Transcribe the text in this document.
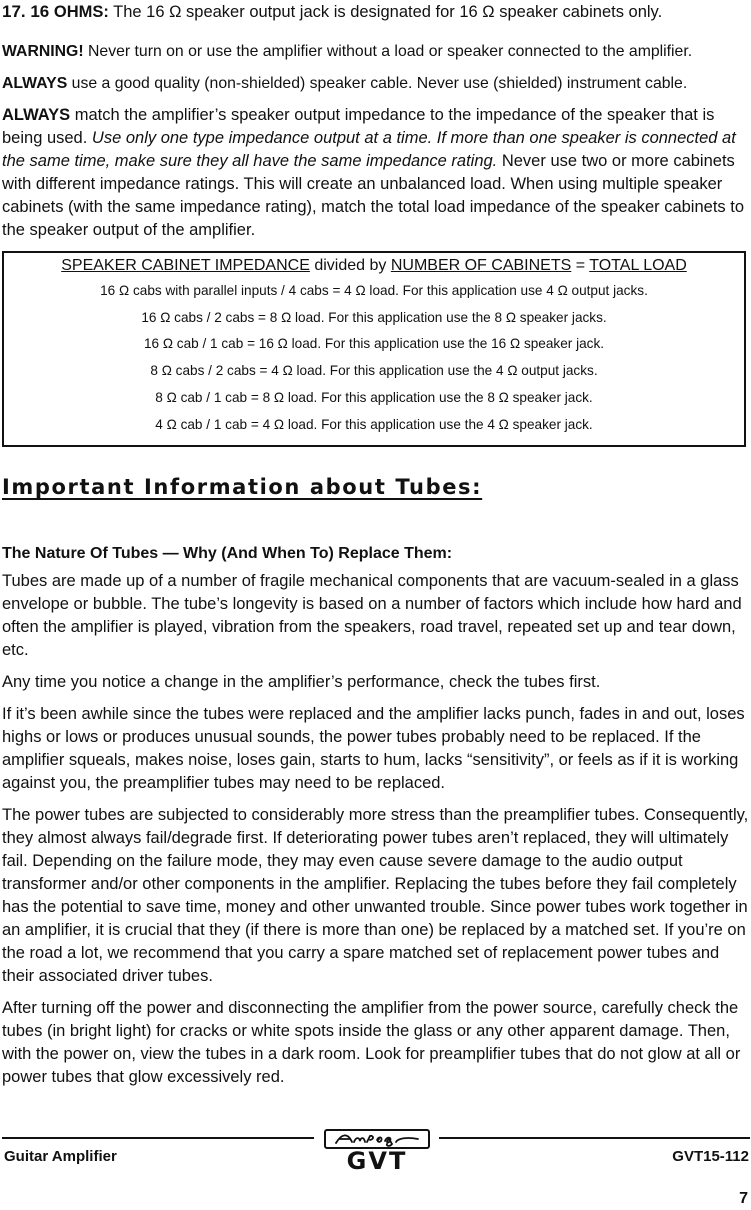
17. 16 OHMS: The 16 Ω speaker output jack is designated for 16 Ω speaker cabinets only.

WARNING! Never turn on or use the amplifier without a load or speaker connected to the amplifier.

ALWAYS use a good quality (non-shielded) speaker cable. Never use (shielded) instrument cable.

ALWAYS match the amplifier’s speaker output impedance to the impedance of the speaker that is being used. Use only one type impedance output at a time. If more than one speaker is connected at the same time, make sure they all have the same impedance rating. Never use two or more cabinets with different impedance ratings. This will create an unbalanced load. When using multiple speaker cabinets (with the same impedance rating), match the total load impedance of the speaker cabinets to the speaker output of the amplifier.

SPEAKER CABINET IMPEDANCE divided by NUMBER OF CABINETS = TOTAL LOAD
16 Ω cabs with parallel inputs / 4 cabs = 4 Ω load. For this application use 4 Ω output jacks.
16 Ω cabs / 2 cabs = 8 Ω load. For this application use the 8 Ω speaker jacks.
16 Ω cab / 1 cab = 16 Ω load. For this application use the 16 Ω speaker jack.
8 Ω cabs / 2 cabs = 4 Ω load. For this application use the 4 Ω output jacks.
8 Ω cab / 1 cab = 8 Ω load. For this application use the 8 Ω speaker jack.
4 Ω cab / 1 cab = 4 Ω load. For this application use the 4 Ω speaker jack.
Important Information about Tubes:
The Nature Of Tubes — Why (And When To) Replace Them:

Tubes are made up of a number of fragile mechanical components that are vacuum-sealed in a glass envelope or bubble. The tube’s longevity is based on a number of factors which include how hard and often the amplifier is played, vibration from the speakers, road travel, repeated set up and tear down, etc.

Any time you notice a change in the amplifier’s performance, check the tubes first.

If it’s been awhile since the tubes were replaced and the amplifier lacks punch, fades in and out, loses highs or lows or produces unusual sounds, the power tubes probably need to be replaced. If the amplifier squeals, makes noise, loses gain, starts to hum, lacks “sensitivity”, or feels as if it is working against you, the preamplifier tubes may need to be replaced.

The power tubes are subjected to considerably more stress than the preamplifier tubes. Consequently, they almost always fail/degrade first. If deteriorating power tubes aren’t replaced, they will ultimately fail. Depending on the failure mode, they may even cause severe damage to the audio output transformer and/or other components in the amplifier. Replacing the tubes before they fail completely has the potential to save time, money and other unwanted trouble. Since power tubes work together in an amplifier, it is crucial that they (if there is more than one) be replaced by a matched set. If you’re on the road a lot, we recommend that you carry a spare matched set of replacement power tubes and their associated driver tubes.

After turning off the power and disconnecting the amplifier from the power source, carefully check the tubes (in bright light) for cracks or white spots inside the glass or any other apparent damage. Then, with the power on, view the tubes in a dark room. Look for preamplifier tubes that do not glow at all or power tubes that glow excessively red.

Guitar Amplifier	GVT	GVT15-112
7
